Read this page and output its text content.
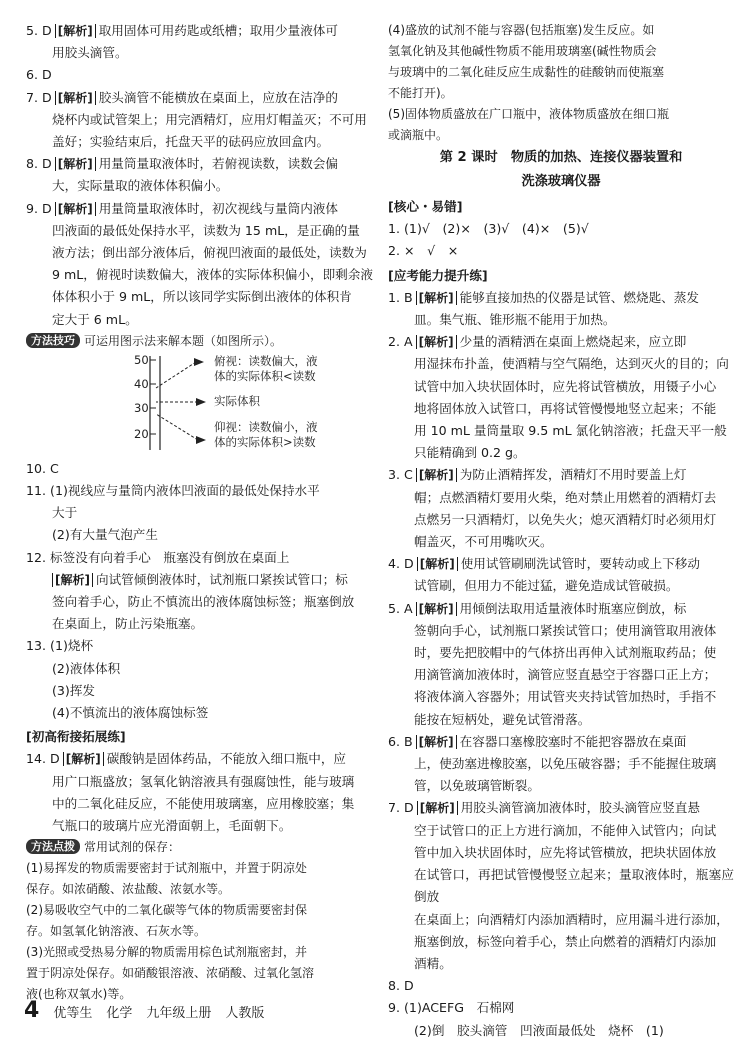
5. D [解析] 取用固体可用药匙或纸槽；取用少量液体可

用胶头滴管。

6. D

7. D [解析] 胶头滴管不能横放在桌面上，应放在洁净的

烧杯内或试管架上；用完酒精灯，应用灯帽盖灭；不可用

盖好；实验结束后，托盘天平的砝码应放回盒内。

8. D [解析] 用量筒量取液体时，若俯视读数，读数会偏

大，实际量取的液体体积偏小。

9. D [解析] 用量筒量取液体时，初次视线与量筒内液体

凹液面的最低处保持水平，读数为 15 mL，是正确的量

液方法；倒出部分液体后，俯视凹液面的最低处，读数为

9 mL，俯视时读数偏大，液体的实际体积偏小，即剩余液

体体积小于 9 mL，所以该同学实际倒出液体的体积肯

定大于 6 mL。

方法技巧 可运用图示法来解本题（如图所示）。

50
40
30
20
俯视：读数偏大，液
体的实际体积<读数
实际体积
仰视：读数偏小，液
体的实际体积>读数

10. C

11. (1)视线应与量筒内液体凹液面的最低处保持水平

大于

(2)有大量气泡产生

12. 标签没有向着手心　瓶塞没有倒放在桌面上

[解析] 向试管倾倒液体时，试剂瓶口紧挨试管口；标

签向着手心，防止不慎流出的液体腐蚀标签；瓶塞倒放

在桌面上，防止污染瓶塞。

13. (1)烧杯

(2)液体体积

(3)挥发

(4)不慎流出的液体腐蚀标签

[初高衔接拓展练]

14. D [解析] 碳酸钠是固体药品，不能放入细口瓶中，应

用广口瓶盛放；氢氧化钠溶液具有强腐蚀性，能与玻璃

中的二氧化硅反应，不能使用玻璃塞，应用橡胶塞；集

气瓶口的玻璃片应光滑面朝上，毛面朝下。

方法点拨 常用试剂的保存：

(1)易挥发的物质需要密封于试剂瓶中，并置于阴凉处

保存。如浓硝酸、浓盐酸、浓氨水等。

(2)易吸收空气中的二氧化碳等气体的物质需要密封保

存。如氢氧化钠溶液、石灰水等。

(3)光照或受热易分解的物质需用棕色试剂瓶密封，并

置于阴凉处保存。如硝酸银溶液、浓硝酸、过氧化氢溶

液(也称双氧水)等。

(4)盛放的试剂不能与容器(包括瓶塞)发生反应。如

氢氧化钠及其他碱性物质不能用玻璃塞(碱性物质会

与玻璃中的二氧化硅反应生成黏性的硅酸钠而使瓶塞

不能打开)。

(5)固体物质盛放在广口瓶中，液体物质盛放在细口瓶

或滴瓶中。

第 2 课时　物质的加热、连接仪器装置和

洗涤玻璃仪器

[核心・易错]

1. (1)√　(2)×　(3)√　(4)×　(5)√

2. ×　√　×

[应考能力提升练]

1. B [解析] 能够直接加热的仪器是试管、燃烧匙、蒸发

皿。集气瓶、锥形瓶不能用于加热。

2. A [解析] 少量的酒精洒在桌面上燃烧起来，应立即

用湿抹布扑盖，使酒精与空气隔绝，达到灭火的目的；向

试管中加入块状固体时，应先将试管横放，用镊子小心

地将固体放入试管口，再将试管慢慢地竖立起来；不能

用 10 mL 量筒量取 9.5 mL 氯化钠溶液；托盘天平一般

只能精确到 0.2 g。

3. C [解析] 为防止酒精挥发，酒精灯不用时要盖上灯

帽；点燃酒精灯要用火柴，绝对禁止用燃着的酒精灯去

点燃另一只酒精灯，以免失火；熄灭酒精灯时必须用灯

帽盖灭，不可用嘴吹灭。

4. D [解析] 使用试管刷刷洗试管时，要转动或上下移动

试管刷，但用力不能过猛，避免造成试管破损。

5. A [解析] 用倾倒法取用适量液体时瓶塞应倒放，标

签朝向手心，试剂瓶口紧挨试管口；使用滴管取用液体

时，要先把胶帽中的气体挤出再伸入试剂瓶取药品；使

用滴管滴加液体时，滴管应竖直悬空于容器口正上方；

将液体滴入容器外；用试管夹夹持试管加热时，手指不

能按在短柄处，避免试管滑落。

6. B [解析] 在容器口塞橡胶塞时不能把容器放在桌面

上，使劲塞进橡胶塞，以免压破容器；手不能握住玻璃

管，以免玻璃管断裂。

7. D [解析] 用胶头滴管滴加液体时，胶头滴管应竖直悬

空于试管口的正上方进行滴加，不能伸入试管内；向试

管中加入块状固体时，应先将试管横放，把块状固体放

在试管口，再把试管慢慢竖立起来；量取液体时，瓶塞应倒放

在桌面上；向酒精灯内添加酒精时，应用漏斗进行添加，

瓶塞倒放，标签向着手心，禁止向燃着的酒精灯内添加

酒精。

8. D

9. (1)ACEFG　石棉网

(2)倒　胶头滴管　凹液面最低处　烧杯　(1)

4 优等生 化学 九年级上册 人教版
